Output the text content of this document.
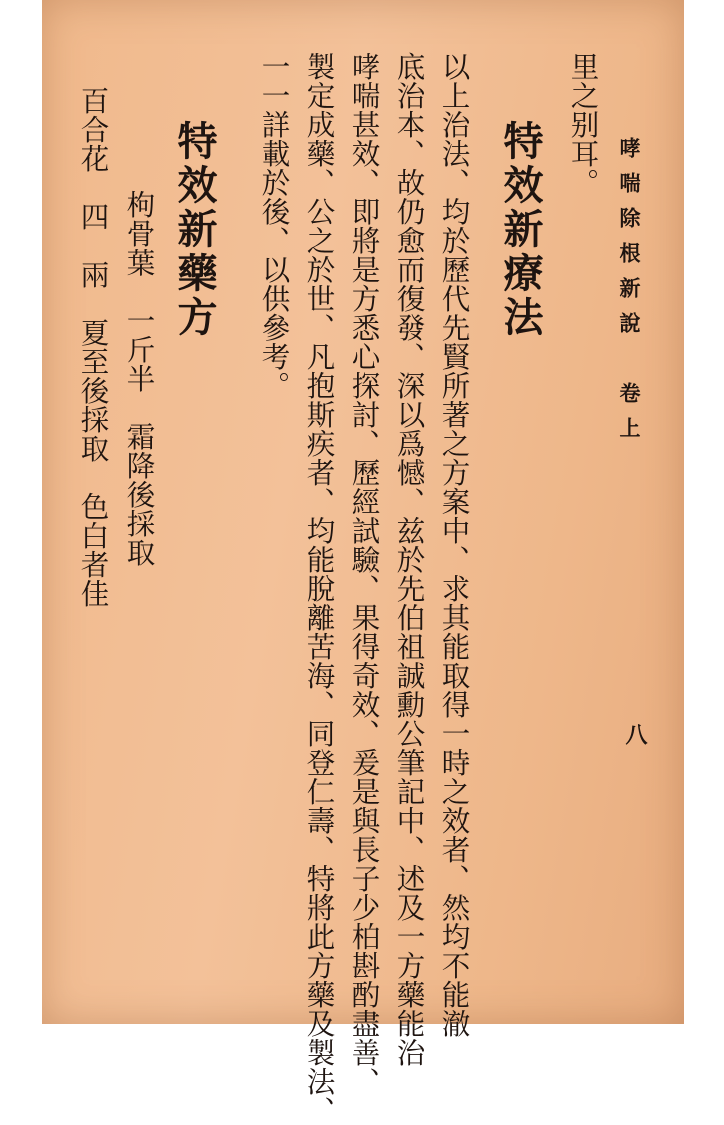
哮喘除根新說　卷上
八
里之别耳。
特效新療法
以上治法、均於歷代先賢所著之方案中、求其能取得一時之效者、然均不能澈
底治本、故仍愈而復發、深以爲憾、兹於先伯祖誠勳公筆記中、述及一方藥能治
哮喘甚效、即將是方悉心探討、歷經試驗、果得奇效、爰是與長子少柏斟酌盡善、
製定成藥、公之於世、凡抱斯疾者、均能脫離苦海、同登仁壽、特將此方藥及製法、
一一詳載於後、以供參考。
特效新藥方
枸骨葉　一斤半　霜降後採取
百合花　四　兩　夏至後採取　色白者佳
